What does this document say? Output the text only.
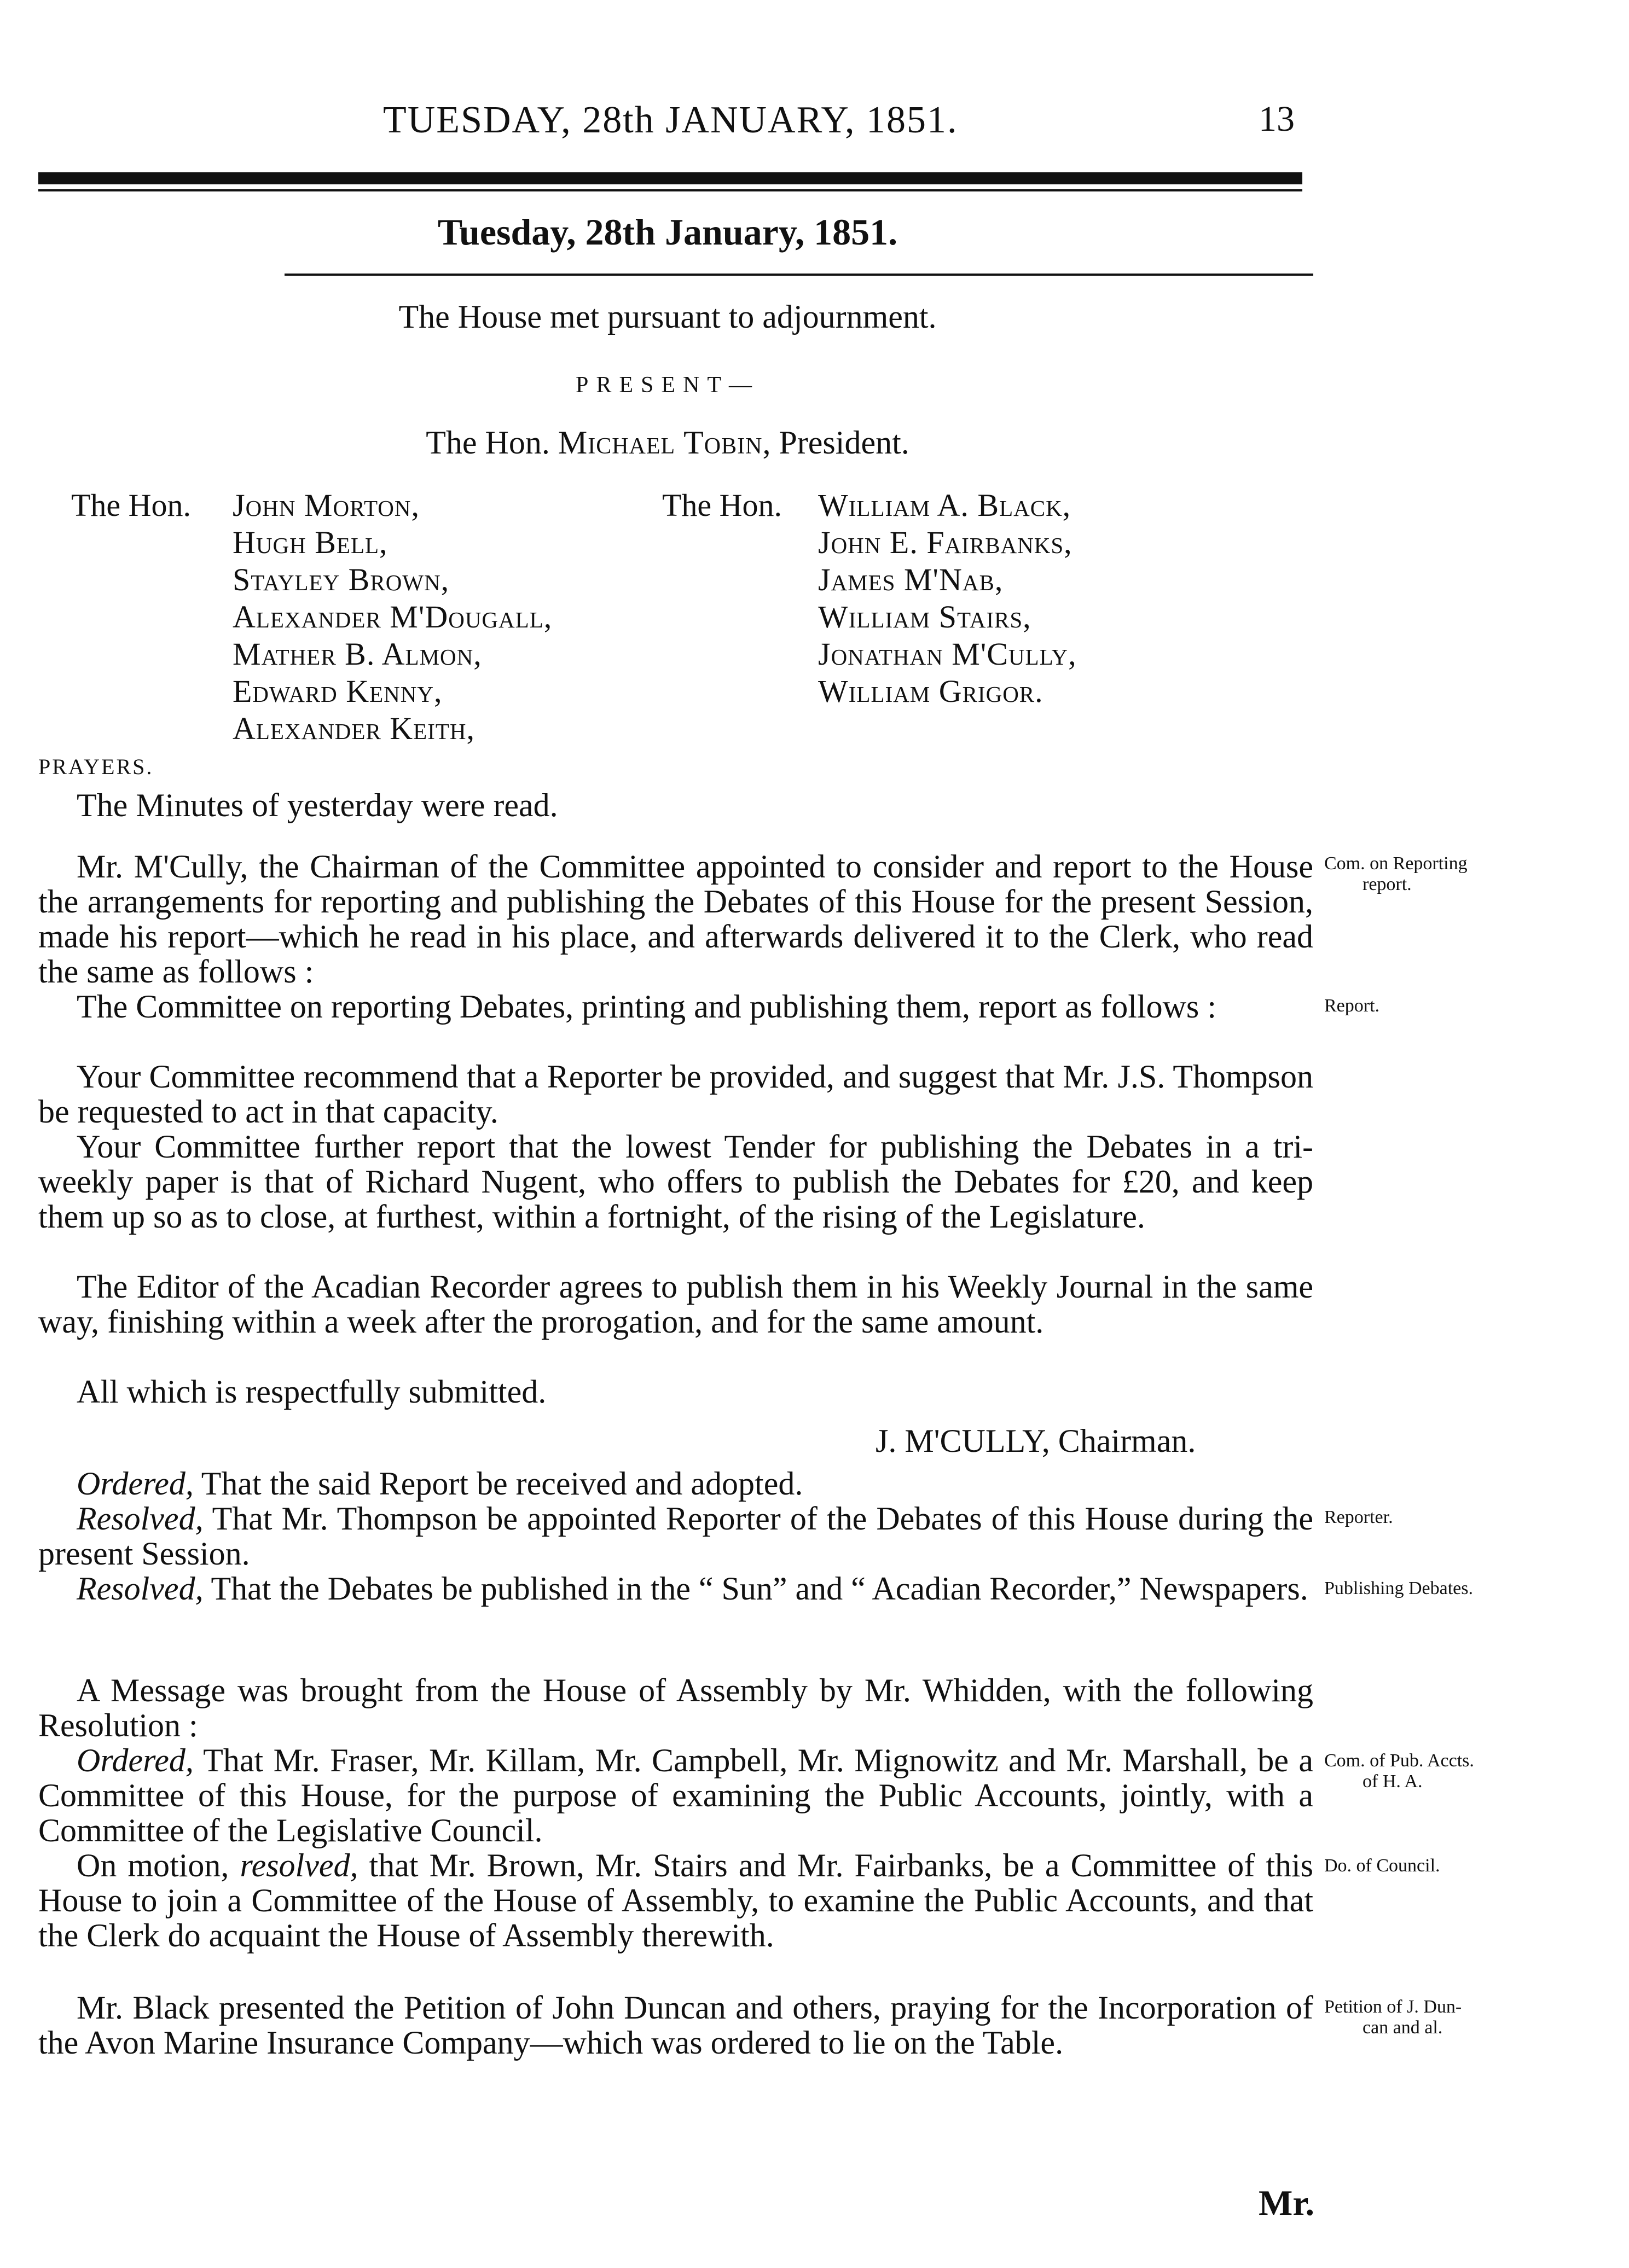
TUESDAY, 28th JANUARY, 1851.	13
Tuesday, 28th January, 1851.
The House met pursuant to adjournment.
PRESENT—
The Hon. Michael Tobin, President.
The Hon. John Morton,
Hugh Bell,
Stayley Brown,
Alexander M'Dougall,
Mather B. Almon,
Edward Kenny,
Alexander Keith,
The Hon. William A. Black,
John E. Fairbanks,
James M'Nab,
William Stairs,
Jonathan M'Cully,
William Grigor.
PRAYERS.

The Minutes of yesterday were read.

Mr. M'Cully, the Chairman of the Committee appointed to consider and report to the House the arrangements for reporting and publishing the Debates of this House for the present Session, made his report—which he read in his place, and afterwards delivered it to the Clerk, who read the same as follows :

Com. on Reporting
report.

The Committee on reporting Debates, printing and publishing them, report as follows :	Report.

Your Committee recommend that a Reporter be provided, and suggest that Mr. J.S. Thompson be requested to act in that capacity.

Your Committee further report that the lowest Tender for publishing the Debates in a tri-weekly paper is that of Richard Nugent, who offers to publish the Debates for £20, and keep them up so as to close, at furthest, within a fortnight, of the rising of the Legislature.

The Editor of the Acadian Recorder agrees to publish them in his Weekly Journal in the same way, finishing within a week after the prorogation, and for the same amount.

All which is respectfully submitted.

J. M'CULLY, Chairman.

Ordered, That the said Report be received and adopted.

Resolved, That Mr. Thompson be appointed Reporter of the Debates of this House during the present Session.

Reporter.

Resolved, That the Debates be published in the “ Sun” and “ Acadian Recorder,” Newspapers. Publishing Debates.

A Message was brought from the House of Assembly by Mr. Whidden, with the following Resolution :

Ordered, That Mr. Fraser, Mr. Killam, Mr. Campbell, Mr. Mignowitz and Mr. Marshall, be a Committee of this House, for the purpose of examining the Public Accounts, jointly, with a Committee of the Legislative Council.

Com. of Pub. Accts.
of H. A.

On motion, resolved, that Mr. Brown, Mr. Stairs and Mr. Fairbanks, be a Committee of this House to join a Committee of the House of Assembly, to examine the Public Accounts, and that the Clerk do acquaint the House of Assembly therewith.

Do. of Council.

Mr. Black presented the Petition of John Duncan and others, praying for the Incorporation of the Avon Marine Insurance Company—which was ordered to lie on the Table.

Petition of J. Dun-
can and al.
Mr.
